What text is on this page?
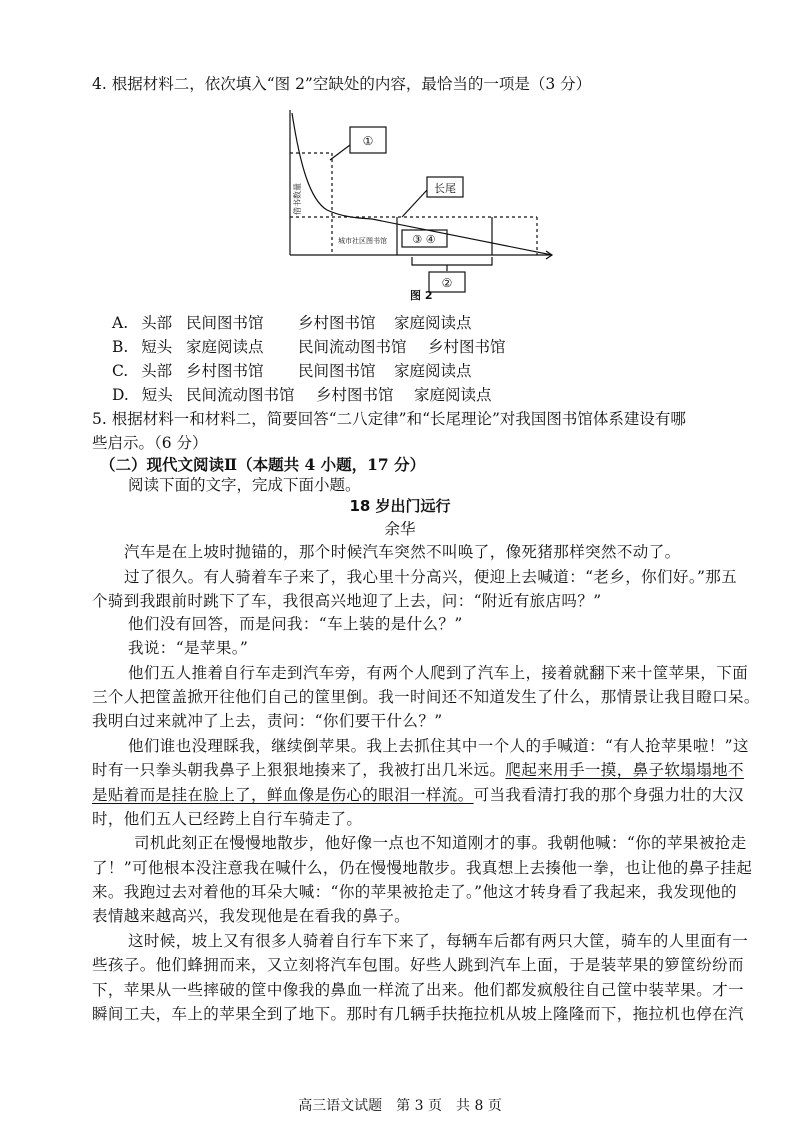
4. 根据材料二，依次填入“图 2”空缺处的内容，最恰当的一项是（3 分）
①
长尾
③ ④
②
城市社区图书馆
借书数量
图 2
A. 头部 民间图书馆 乡村图书馆 家庭阅读点
B. 短头 家庭阅读点 民间流动图书馆 乡村图书馆
C. 头部 乡村图书馆 民间图书馆 家庭阅读点
D. 短头 民间流动图书馆 乡村图书馆 家庭阅读点
5. 根据材料一和材料二，简要回答“二八定律”和“长尾理论”对我国图书馆体系建设有哪
些启示。（6 分）
（二）现代文阅读Ⅱ（本题共 4 小题，17 分）
阅读下面的文字，完成下面小题。
18 岁出门远行
余华
汽车是在上坡时抛锚的，那个时候汽车突然不叫唤了，像死猪那样突然不动了。
过了很久。有人骑着车子来了，我心里十分高兴，便迎上去喊道：“老乡，你们好。”那五
个骑到我跟前时跳下了车，我很高兴地迎了上去，问：“附近有旅店吗？”
他们没有回答，而是问我：“车上装的是什么？”
我说：“是苹果。”
他们五人推着自行车走到汽车旁，有两个人爬到了汽车上，接着就翻下来十筐苹果，下面
三个人把筐盖掀开往他们自己的筐里倒。我一时间还不知道发生了什么，那情景让我目瞪口呆。
我明白过来就冲了上去，责问：“你们要干什么？”
他们谁也没理睬我，继续倒苹果。我上去抓住其中一个人的手喊道：“有人抢苹果啦！”这
时有一只拳头朝我鼻子上狠狠地揍来了，我被打出几米远。爬起来用手一摸，鼻子软塌塌地不
是贴着而是挂在脸上了，鲜血像是伤心的眼泪一样流。可当我看清打我的那个身强力壮的大汉
时，他们五人已经跨上自行车骑走了。
司机此刻正在慢慢地散步，他好像一点也不知道刚才的事。我朝他喊：“你的苹果被抢走
了！”可他根本没注意我在喊什么，仍在慢慢地散步。我真想上去揍他一拳，也让他的鼻子挂起
来。我跑过去对着他的耳朵大喊：“你的苹果被抢走了。”他这才转身看了我起来，我发现他的
表情越来越高兴，我发现他是在看我的鼻子。
这时候，坡上又有很多人骑着自行车下来了，每辆车后都有两只大筐，骑车的人里面有一
些孩子。他们蜂拥而来，又立刻将汽车包围。好些人跳到汽车上面，于是装苹果的箩筐纷纷而
下，苹果从一些摔破的筐中像我的鼻血一样流了出来。他们都发疯般往自己筐中装苹果。才一
瞬间工夫，车上的苹果全到了地下。那时有几辆手扶拖拉机从坡上隆隆而下，拖拉机也停在汽
高三语文试题　第 3 页　共 8 页
